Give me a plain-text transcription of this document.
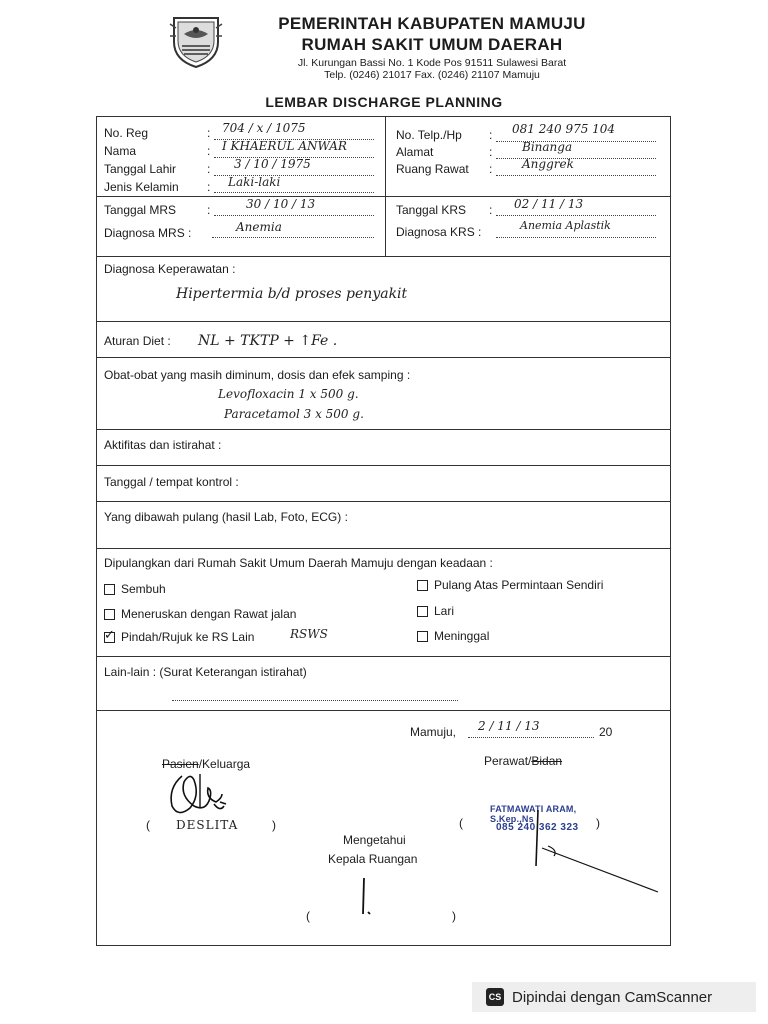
PEMERINTAH KABUPATEN MAMUJU
RUMAH SAKIT UMUM DAERAH
Jl. Kurungan Bassi No. 1 Kode Pos 91511 Sulawesi Barat
Telp. (0246) 21017 Fax. (0246) 21107 Mamuju
LEMBAR DISCHARGE PLANNING
No. Reg	: 704 / x / 1075
Nama	: I KHAERUL ANWAR
Tanggal Lahir	: 3 / 10 / 1975
Jenis Kelamin : Laki-laki
No. Telp./Hp : 081 240 975 104
Alamat	: Binanga
Ruang Rawat : Anggrek
Tanggal MRS	:	30 / 10 / 13
Diagnosa MRS :	Anemia
Tanggal KRS : 02 / 11 / 13
Diagnosa KRS :	Anemia Aplastik
Diagnosa Keperawatan :
Hipertermia b/d proses penyakit
Aturan Diet : NL + TKTP + ↑Fe .
Obat-obat yang masih diminum, dosis dan efek samping :
Levofloxacin 1 x 500 g.
Paracetamol 3 x 500 g.
Aktifitas dan istirahat :
Tanggal / tempat kontrol :
Yang dibawah pulang (hasil Lab, Foto, ECG) :
Dipulangkan dari Rumah Sakit Umum Daerah Mamuju dengan keadaan :
Sembuh
Meneruskan dengan Rawat jalan
✓ Pindah/Rujuk ke RS Lain	RSWS
Pulang Atas Permintaan Sendiri
Lari
Meninggal
Lain-lain : (Surat Keterangan istirahat)
Mamuju, 2 / 11 / 13	20
Pasien/Keluarga	Perawat/Bidan
( DESLITA	)	(
FATMAWATI ARAM, S.Kep.,Ns
085 240 362 323 )
Mengetahui
Kepala Ruangan
(	)
CS Dipindai dengan CamScanner
